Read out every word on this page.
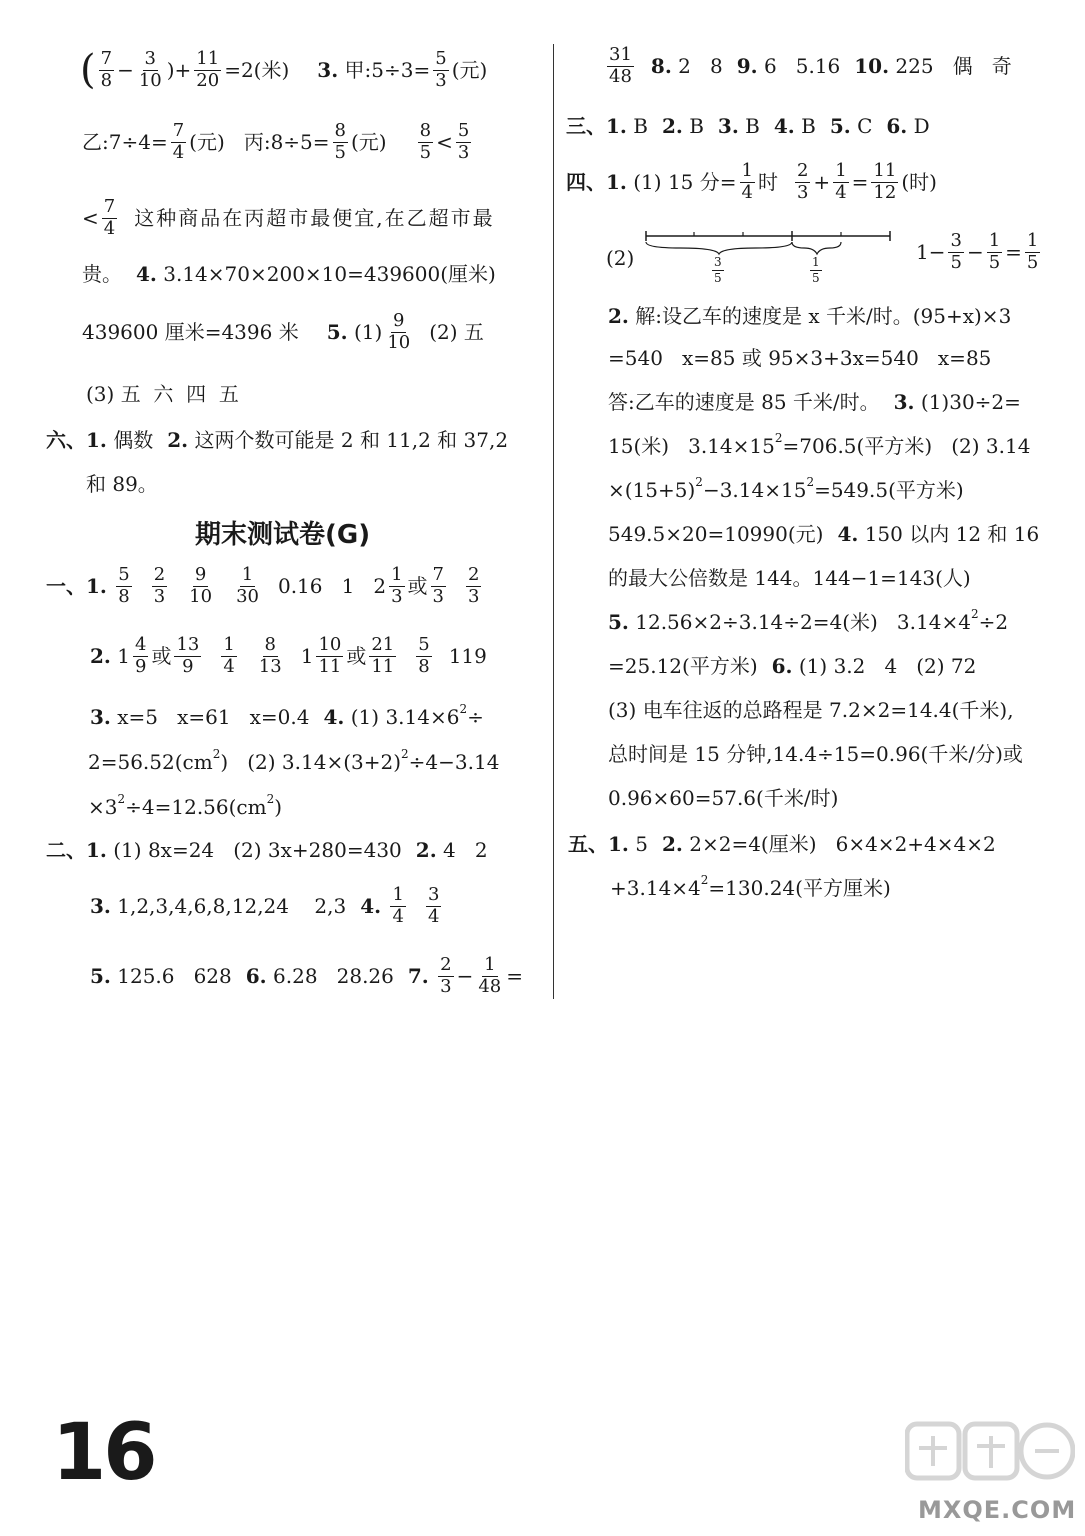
( $\frac{7}{8} - \frac{3}{10}$ )+ $\frac{11}{20} =2$(米) 3.
甲:5÷3= $\frac{5}{3}$ (元)
乙:7÷4= $\frac{7}{4}$ (元)   丙:8÷5= $\frac{8}{5}$ (元) $\frac{8}{5} < \frac{5}{3}$
< $\frac{7}{4}$ 这种商品在丙超市最便宜,在乙超市最
贵。 4.
3.14×70×200×10=439600(厘米)
439600 厘米=4396 米 5.
$(1) \frac{9}{10} (2)$ 五
(3) 五  六  四  五
六、 1.
偶数 2.
这两个数可能是 2 和 11,2 和 37,2
和 89。
期末测试卷(G)
一、 1.
$\frac{5}{8} \frac{2}{3} \frac{9}{10} \frac{1}{30} 0.16$   1   $2 \frac{1}{3}$ 或 $\frac{7}{3} \frac{2}{3}$
2.
$1 \frac{4}{9}$ 或 $\frac{13}{9} \frac{1}{4} \frac{8}{13} 1 \frac{10}{11}$ 或 $\frac{21}{11} \frac{5}{8} 119$
3.
x=5   x=61   x=0.4 4.
(1) 3.14×6 2 ÷
2=56.52(cm 2 )   (2) 3.14×(3+2) 2 ÷4−3.14
×3 2 ÷4=12.56(cm 2 )
二、 1.
(1) 8x=24   (2) 3x+280=430 2.
4   2
3.
1,2,3,4,6,8,12,24    2,3 4.
$\frac{1}{4} \frac{3}{4}$
5.
125.6   628 6.
6.28   28.26 7.
$\frac{2}{3} - \frac{1}{48}$ =
$\frac{31}{48} 8$.
2   8 9.
6   5.16 10.
225   偶   奇
三、 1.
B 2.
B 3.
B 4.
B 5.
C 6.
D
四、 1.
(1) 15 分= $\frac{1}{4}$ 时 $\frac{2}{3} + \frac{1}{4} = \frac{11}{12}$ (时)
(2)	$\frac{3}{5}$	$\frac{1}{5}$
$1- \frac{3}{5} - \frac{1}{5} = \frac{1}{5}$
2.
解:设乙车的速度是 x 千米/时。(95+x)×3
=540   x=85 或 95×3+3x=540   x=85
答:乙车的速度是 85 千米/时。 3.
(1)30÷2=
15(米)   3.14×15 2 =706.5(平方米)   (2) 3.14
×(15+5) 2 −3.14×15 2 =549.5(平方米)
549.5×20=10990(元) 4.
150 以内 12 和 16
的最大公倍数是 144。144−1=143(人)
5.
12.56×2÷3.14÷2=4(米)   3.14×4 2 ÷2
=25.12(平方米) 6.
(1) 3.2   4   (2) 72
(3) 电车往返的总路程是 7.2×2=14.4(千米),
总时间是 15 分钟,14.4÷15=0.96(千米/分)或
0.96×60=57.6(千米/时)
五、 1.
5 2.
2×2=4(厘米)   6×4×2+4×4×2
+3.14×4 2 =130.24(平方厘米)
16
MXQE.COM
